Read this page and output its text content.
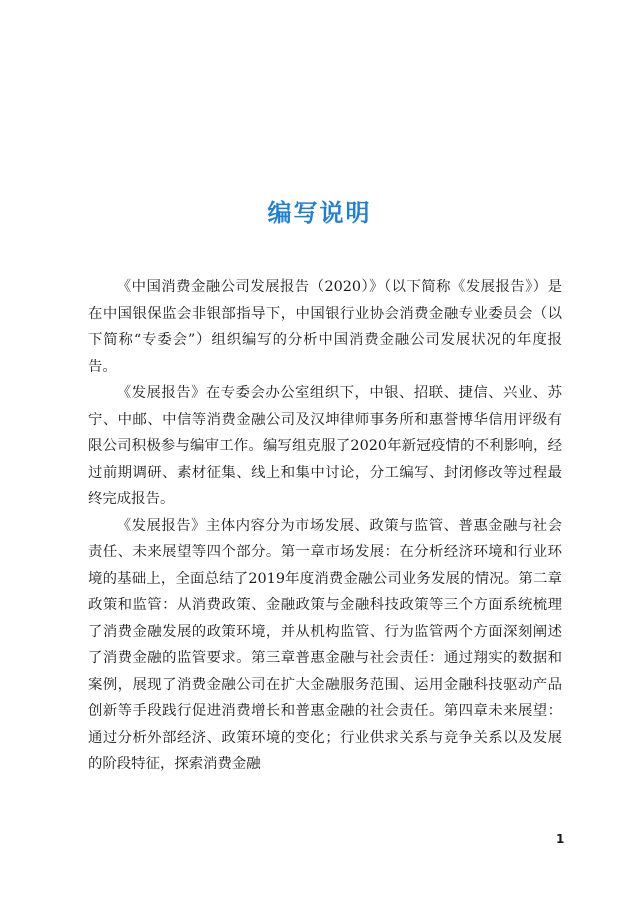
编写说明

《中国消费金融公司发展报告（2020）》（以下简称《发展报告》）是在中国银保监会非银部指导下，中国银行业协会消费金融专业委员会（以下简称“专委会”）组织编写的分析中国消费金融公司发展状况的年度报告。

《发展报告》在专委会办公室组织下，中银、招联、捷信、兴业、苏宁、中邮、中信等消费金融公司及汉坤律师事务所和惠誉博华信用评级有限公司积极参与编审工作。编写组克服了2020年新冠疫情的不利影响，经过前期调研、素材征集、线上和集中讨论，分工编写、封闭修改等过程最终完成报告。

《发展报告》主体内容分为市场发展、政策与监管、普惠金融与社会责任、未来展望等四个部分。第一章市场发展：在分析经济环境和行业环境的基础上，全面总结了2019年度消费金融公司业务发展的情况。第二章政策和监管：从消费政策、金融政策与金融科技政策等三个方面系统梳理了消费金融发展的政策环境，并从机构监管、行为监管两个方面深刻阐述了消费金融的监管要求。第三章普惠金融与社会责任：通过翔实的数据和案例，展现了消费金融公司在扩大金融服务范围、运用金融科技驱动产品创新等手段践行促进消费增长和普惠金融的社会责任。第四章未来展望：通过分析外部经济、政策环境的变化；行业供求关系与竞争关系以及发展的阶段特征，探索消费金融

1
